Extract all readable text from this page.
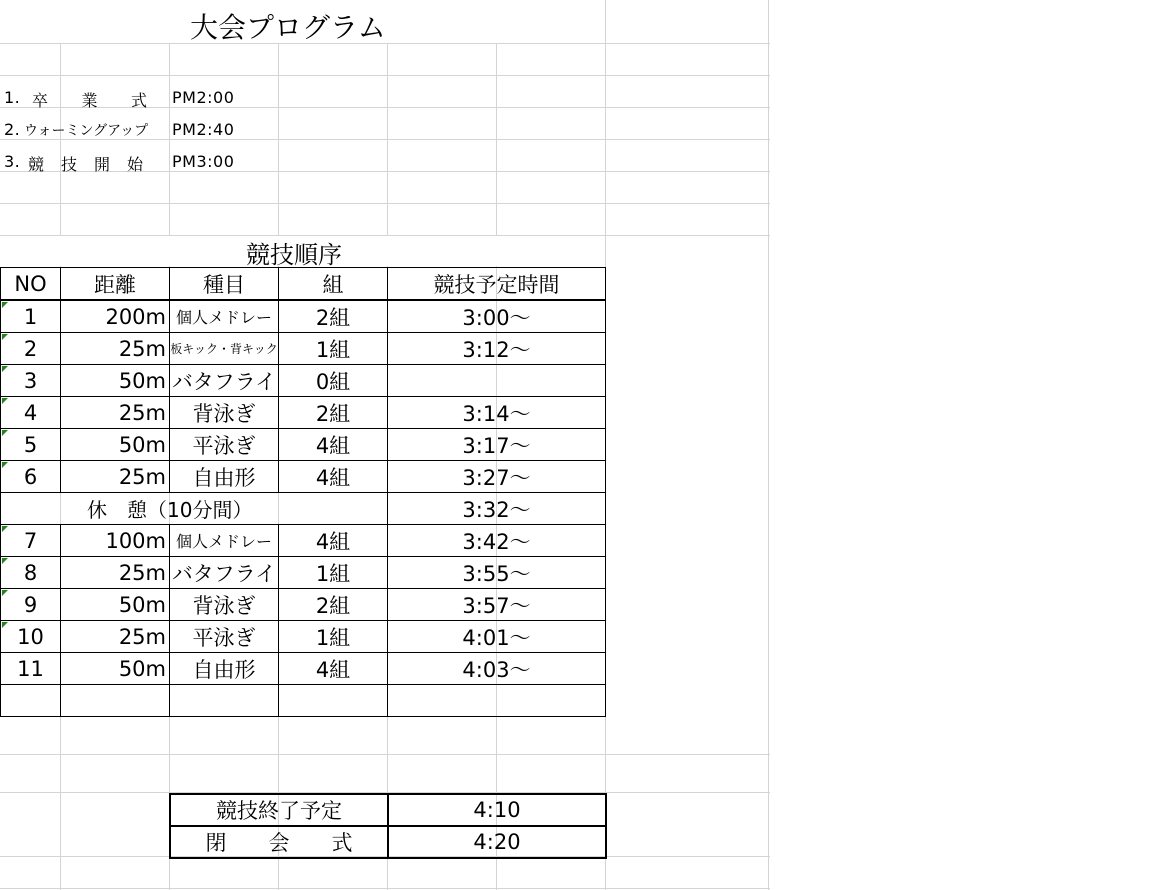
大会プログラム
1. 卒　　業　　式 PM2:00
2. ウォーミングアップ PM2:40
3. 競　技　開　始 PM3:00
競技順序
NO	距離	種目	組	競技予定時間
1	200m	個人メドレー	2組	3:00〜
2	25m	板キック・背キック	1組	3:12〜
3	50m	バタフライ	0組	
4	25m	背泳ぎ	2組	3:14〜
5	50m	平泳ぎ	4組	3:17〜
6	25m	自由形	4組	3:27〜
休　憩（10分間）				3:32〜
7	100m	個人メドレー	4組	3:42〜
8	25m	バタフライ	1組	3:55〜
9	50m	背泳ぎ	2組	3:57〜
10	25m	平泳ぎ	1組	4:01〜
11	50m	自由形	4組	4:03〜

競技終了予定	4:10
閉　　会　　式	4:20
